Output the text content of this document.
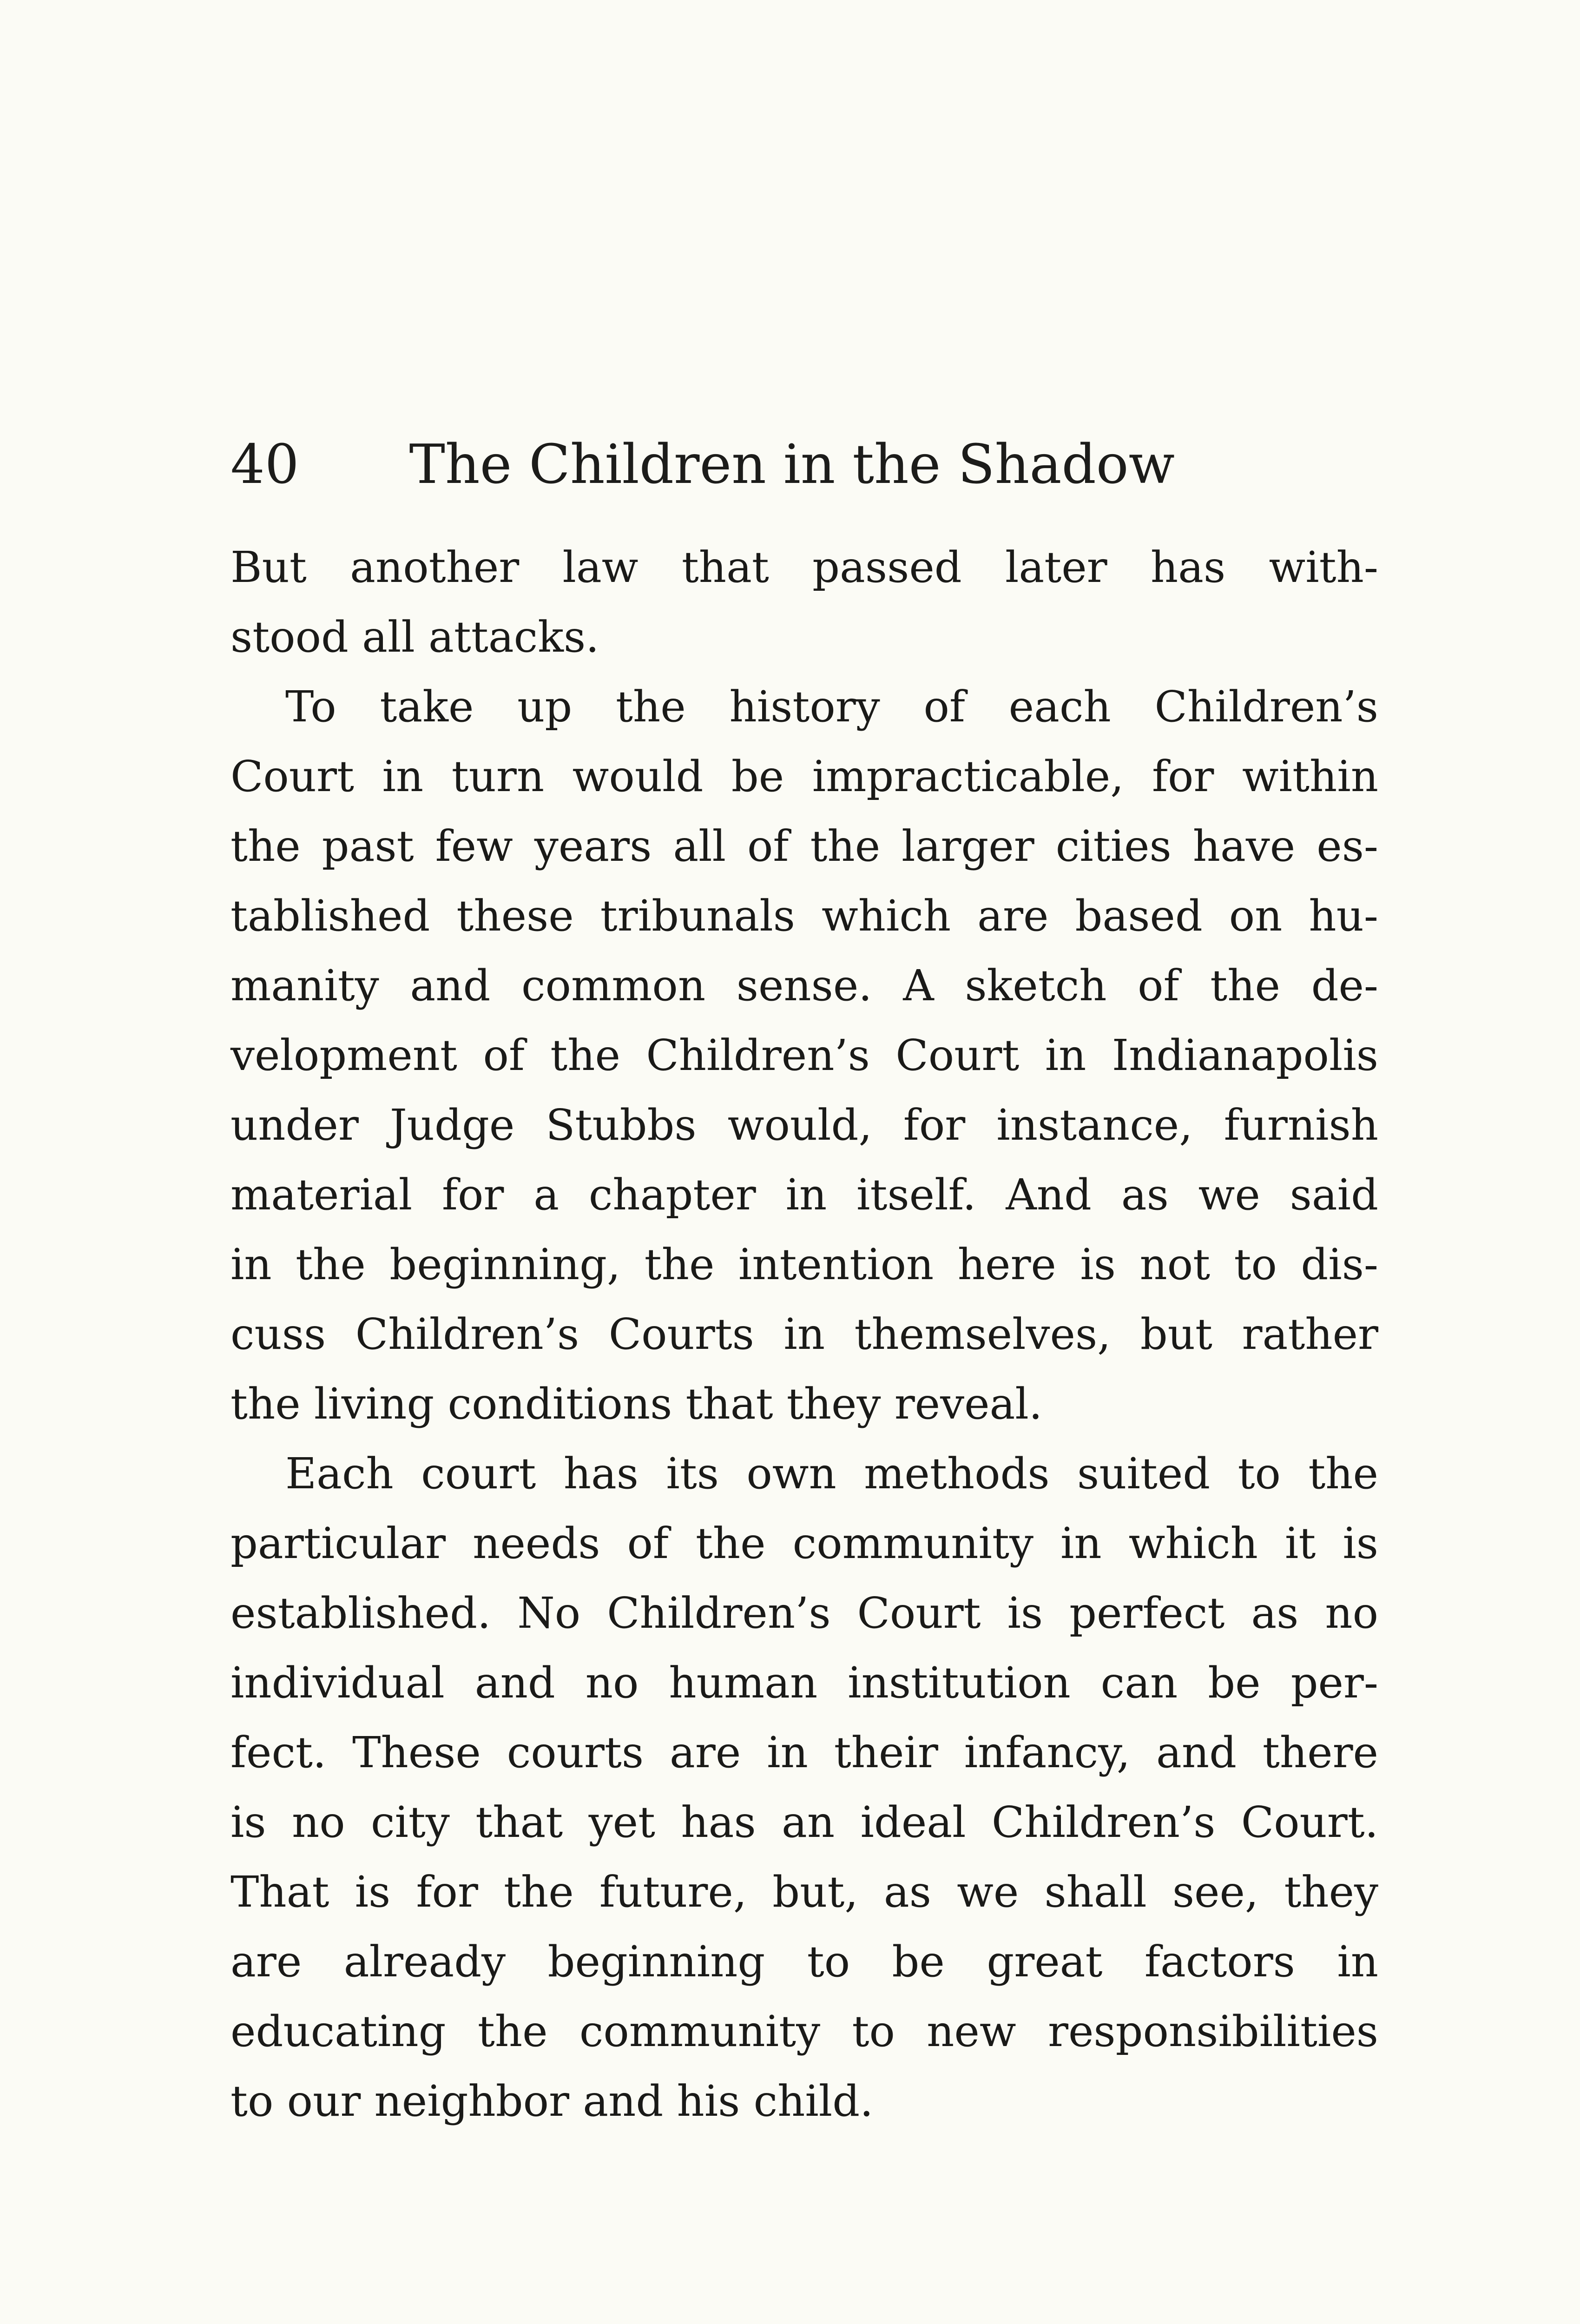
40 The Children in the Shadow
But another law that passed later has with-
stood all attacks.
To take up the history of each Children’s
Court in turn would be impracticable, for within
the past few years all of the larger cities have es-
tablished these tribunals which are based on hu-
manity and common sense. A sketch of the de-
velopment of the Children’s Court in Indianapolis
under Judge Stubbs would, for instance, furnish
material for a chapter in itself. And as we said
in the beginning, the intention here is not to dis-
cuss Children’s Courts in themselves, but rather
the living conditions that they reveal.
Each court has its own methods suited to the
particular needs of the community in which it is
established. No Children’s Court is perfect as no
individual and no human institution can be per-
fect. These courts are in their infancy, and there
is no city that yet has an ideal Children’s Court.
That is for the future, but, as we shall see, they
are already beginning to be great factors in
educating the community to new responsibilities
to our neighbor and his child.
